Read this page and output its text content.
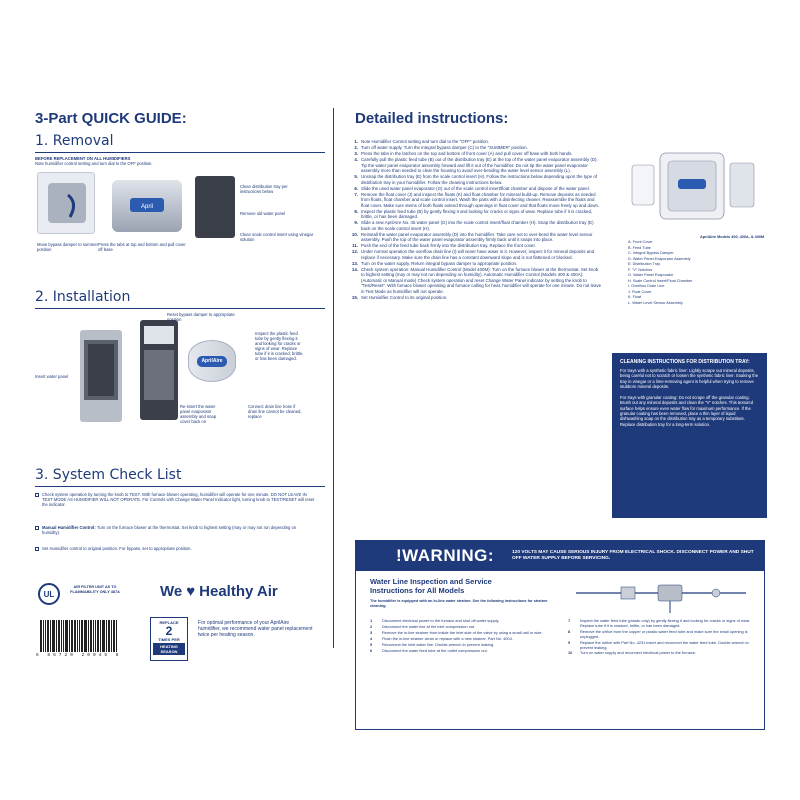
3-Part QUICK GUIDE:
1. Removal
BEFORE REPLACEMENT ON ALL HUMIDIFIERS
Note humidifier control setting and turn dial to the OFF position.
April
Clean distribution tray per instructions below
Remove old water panel
Clean scale control insert using vinegar solution
Move bypass damper to summer position
Press the tabs at top and bottom and pull cover off base
2. Installation
AprilAire
Reset bypass damper to appropriate position
Inspect the plastic feed tube by gently flexing it and looking for cracks or signs of wear. Replace tube if it is cracked, brittle, or has been damaged.
Insert water panel
Re-insert the water panel evaporator assembly and snap cover back on
Connect drain line hose if drain line cannot be cleaned, replace
3. System Check List
Check system operation by turning the knob to TEST. With furnace blower operating, humidifier will operate for one minute. DO NOT LEAVE IN TEST MODE AS HUMIDIFIER WILL NOT OPERATE. For Controls with Change Water Panel Indicator light, turning knob to TEST/RESET will reset the indicator.
Manual Humidifier Control: Turn on the furnace blower at the thermostat. Set knob to highest setting (may or may not run depending on humidity).
Set Humidifier control to original position. For bypass, set to appropriate position.
UL
AIR FILTER UNIT AS TO FLAMMABILITY ONLY 487A	We ♥ Healthy Air
6 86720 20045 8
REPLACE
2
TIMES PER
HEATING SEASON
For optimal performance of your AprilAire humidifier, we recommend water panel replacement twice per heating season.
Detailed instructions:
1. Note Humidifier Control setting and turn dial to the "OFF" position.
2. Turn off water supply. Turn the integral bypass damper (C) to the "SUMMER" position.
3. Press the tabs in the latches on the top and bottom of front cover (A) and pull cover off base with both hands.
4. Carefully pull the plastic feed tube (B) out of the distribution tray (E) at the top of the water panel evaporator assembly (D). Tip the water panel evaporator assembly forward and lift it out of the humidifier. Do not tip the water panel evaporator assembly more than needed to clear the housing to avoid over-bending the water level sensor assembly (L).
5. Unsnap the distribution tray (E) from the scale control insert (H). Follow the instructions below depending upon the type of distribution tray in your humidifier. Follow the cleaning instructions below.
6. Slide the used water panel evaporator (G) out of the scale control insert/float chamber and dispose of the water panel.
7. Remove the float cover (J) and inspect the floats (K) and float chamber for mineral build-up. Remove deposits as needed from floats, float chamber and scale control insert. Wash the parts with a disinfecting cleaner. Reassemble the floats and float cover. Make sure stems of both floats extend through openings in float cover and that floats move freely up and down.
8. Inspect the plastic feed tube (B) by gently flexing it and looking for cracks or signs of wear. Replace tube if it is cracked, brittle, or has been damaged.
9. Slide a new AprilAire No. 45 water panel (G) into the scale control insert/float chamber (H). Snap the distribution tray (E) back on the scale control insert (H).
10. Reinstall the water panel evaporator assembly (D) into the humidifier. Take care not to over-bend the water level sensor assembly. Push the top of the water panel evaporator assembly firmly back until it snaps into place.
11. Push the end of the feed tube back firmly into the distribution tray. Replace the front cover.
12. Under normal operation the overflow drain line (I) will never have water in it. However, inspect it for mineral deposits and replace if necessary. Make sure the drain line has a constant downward slope and is not flattened or blocked.
13. Turn on the water supply. Return integral bypass damper to appropriate position.
14. Check system operation: Manual Humidifier Control (Model 400M): Turn on the furnace blower at the thermostat. Set knob to highest setting (may or may not run depending on humidity). Automatic Humidifier Control (Models 400 & 400A): (Automatic or Manual mode) Check system operation and reset Change Water Panel indicator by setting the knob to "Test/Reset". With furnace blower operating and furnace calling for heat, humidifier will operate for one minute. Do not leave in Test Mode as humidifier will not operate.
15. Set Humidifier Control to its original position.
AprilAire Models 400, 400A, & 400M
A. Front Cover
B. Feed Tube
C. Integral Bypass Damper
D. Water Panel Evaporator Assembly
E. Distribution Tray
F. "V" Notches
G. Water Panel Evaporator
H. Scale Control Insert/Float Chamber
I. Overflow Drain Line
J. Float Cover
K. Float
L. Water Level Sensor Assembly
CLEANING INSTRUCTIONS FOR DISTRIBUTION TRAY:
For trays with a synthetic fabric liner: Lightly scrape out mineral deposits, being careful not to scratch or loosen the synthetic fabric liner. Soaking the tray in vinegar or a lime-removing agent is helpful when trying to remove stubborn mineral deposits.
For trays with granular coating: Do not scrape off the granular coating. Brush out any mineral deposits and clean the "V" notches. This textured surface helps ensure even water flow for maximum performance. If the granular coating has been removed, place a thin layer of liquid dishwashing soap on the distribution tray as a temporary substitute. Replace distribution tray for a long-term solution.
!WARNING:	120 VOLTS MAY CAUSE SERIOUS INJURY FROM ELECTRICAL SHOCK. DISCONNECT POWER AND SHUT OFF WATER SUPPLY BEFORE SERVICING.
Water Line Inspection and Service Instructions for All Models
The humidifier is equipped with an in-line water strainer. See the following instructions for strainer cleaning.
1	Disconnect electrical power to the furnace and shut off water supply.
2	Disconnect the water line at the inlet compression nut.
3	Remove the in-line strainer from inside the inlet side of the valve by using a small nail or wire.
4	Flush the in-line strainer clean or replace with a new strainer, Part No. 4004.
5	Reconnect the inlet water line. Double-wrench to prevent leaking.
6	Disconnect the water feed tube at the outlet compression nut.
7	Inspect the water feed tube (plastic only) by gently flexing it and looking for cracks or signs of wear. Replace tube if it is cracked, brittle, or has been damaged.
8	Remove the orifice from the copper or plastic water feed tube and make sure the small opening is unplugged.
9	Replace the orifice with Part No. 4231 insert and reconnect the water feed tube. Double-wrench to prevent leaking.
10	Turn on water supply and reconnect electrical power to the furnace.
